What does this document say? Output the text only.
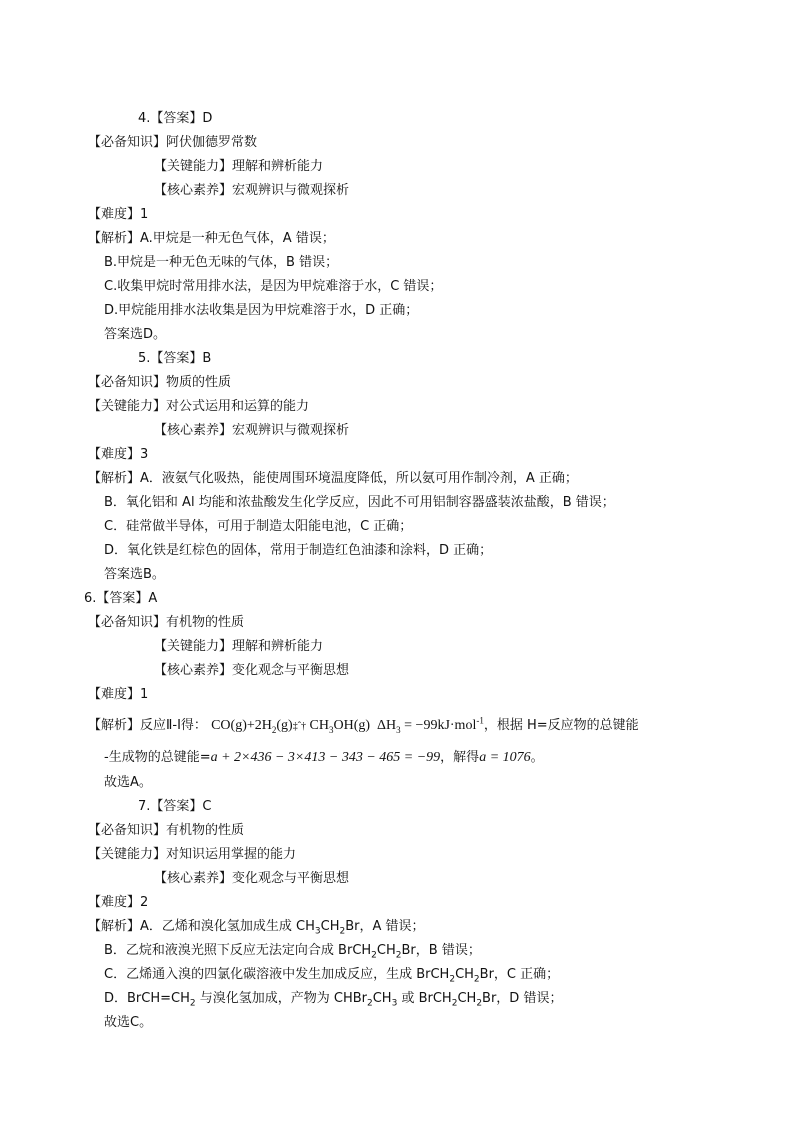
4.【答案】D
【必备知识】阿伏伽德罗常数
【关键能力】理解和辨析能力
【核心素养】宏观辨识与微观探析
【难度】1
【解析】A.甲烷是一种无色气体，A 错误；
B.甲烷是一种无色无味的气体，B 错误；
C.收集甲烷时常用排水法，是因为甲烷难溶于水，C 错误；
D.甲烷能用排水法收集是因为甲烷难溶于水，D 正确；
答案选D。
5.【答案】B
【必备知识】物质的性质
【关键能力】对公式运用和运算的能力
【核心素养】宏观辨识与微观探析
【难度】3
【解析】A．液氨气化吸热，能使周围环境温度降低，所以氨可用作制冷剂，A 正确；
B．氧化铝和 Al 均能和浓盐酸发生化学反应，因此不可用铝制容器盛装浓盐酸，B 错误；
C．硅常做半导体，可用于制造太阳能电池，C 正确；
D．氧化铁是红棕色的固体，常用于制造红色油漆和涂料，D 正确；
答案选B。
6.【答案】A
【必备知识】有机物的性质
【关键能力】理解和辨析能力
【核心素养】变化观念与平衡思想
【难度】1
【解析】反应Ⅱ-Ⅰ得： $CO(g)+2H_2(g)\ddagger ˆ\dagger$ $CH_3OH(g) \Delta H_3 = -99kJ\cdot mol^{-1}$，根据 H=反应物的总键能
-生成物的总键能=a + 2×436 − 3×413 − 343 − 465 = −99，解得a = 1076。
故选A。
7.【答案】C
【必备知识】有机物的性质
【关键能力】对知识运用掌握的能力
【核心素养】变化观念与平衡思想
【难度】2
【解析】A．乙烯和溴化氢加成生成 $CH_3CH_2Br$，A 错误；
B．乙烷和液溴光照下反应无法定向合成 $BrCH_2CH_2Br$，B 错误；
C．乙烯通入溴的四氯化碳溶液中发生加成反应，生成 $BrCH_2CH_2Br$，C 正确；
D．$BrCH=CH_2$ 与溴化氢加成，产物为 $CHBr_2CH_3$ 或 $BrCH_2CH_2Br$，D 错误；
故选C。
